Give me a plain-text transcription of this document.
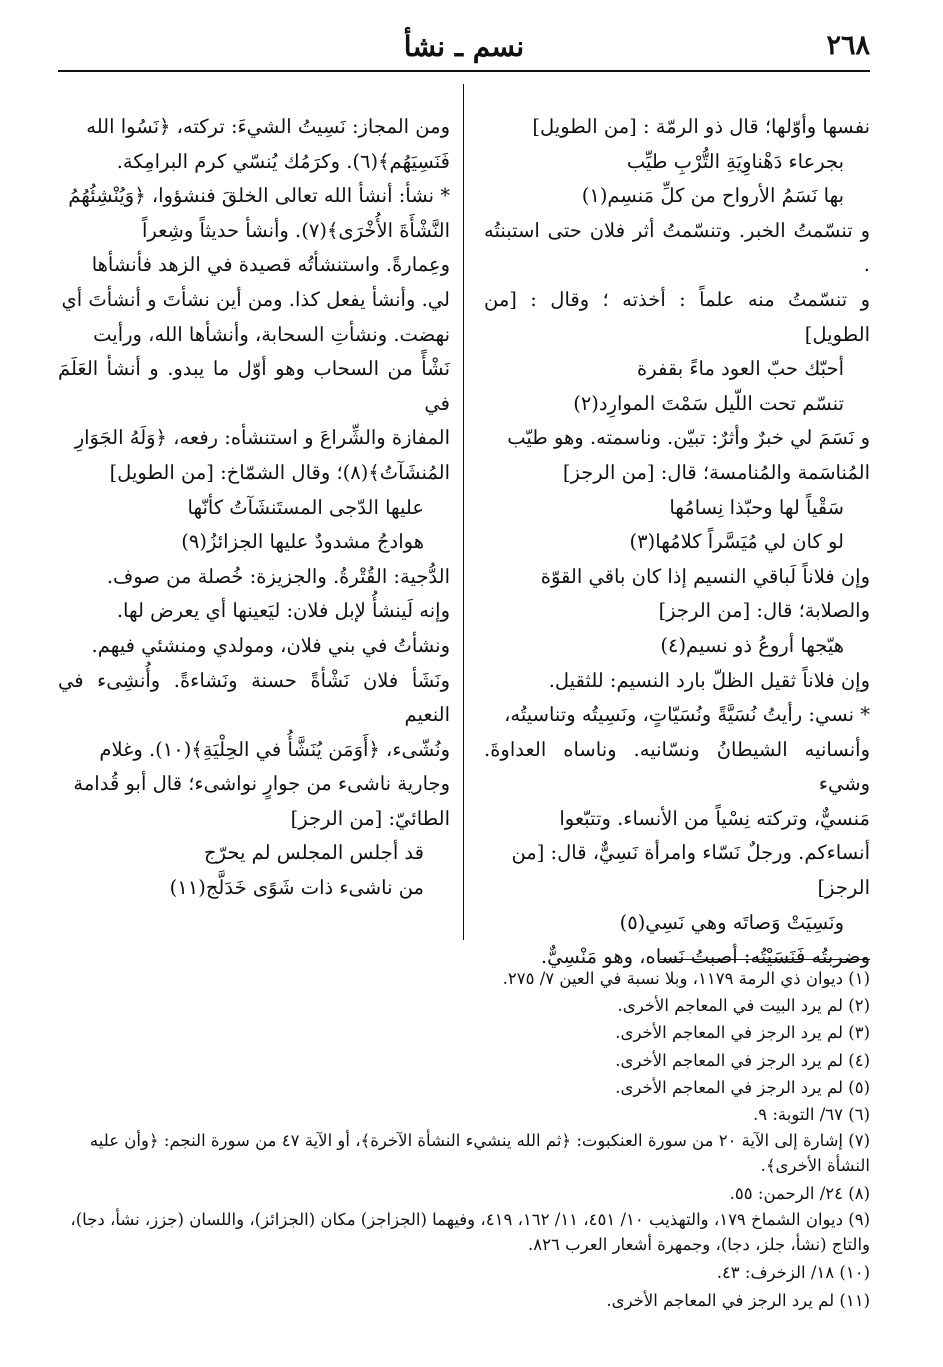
٢٦٨
نسم ـ نشأ

نفسها وأوّلها؛ قال ذو الرمّة : [من الطويل]

بجرعاء دَهْناوِيَةِ التُّرْبِ طيِّب

بها نَسَمُ الأرواح من كلِّ مَنسِم(١)

و تنسّمتُ الخبر. وتنسّمتُ أثر فلان حتى استبنتُه .

و تنسّمتُ منه علماً : أخذته ؛ وقال : [من الطويل]

أحبّك حبّ العود ماءً بقفرة

تنسّم تحت اللّيل سَمْتَ الموارِد(٢)

و نَسَمَ لي خبرٌ وأثرٌ: تبيّن. وناسمته. وهو طيّب

المُناسَمة والمُنامسة؛ قال: [من الرجز]

سَقْياً لها وحبّذا نِسامُها

لو كان لي مُيَسَّراً كلامُها(٣)

وإن فلاناً لَباقي النسيم إذا كان باقي القوّة

والصلابة؛ قال: [من الرجز]

هيّجها أروعُ ذو نسيم(٤)

وإن فلاناً ثقيل الظلّ بارد النسيم: للثقيل.

* نسي: رأيتُ نُسَيَّةً ونُسَيّاتٍ، ونَسِيتُه وتناسيتُه،

وأنسانيه الشيطانُ ونسّانيه. وناساه العداوةَ. وشيء

مَنسيٌّ، وتركته نِسْياً من الأنساء. وتتبّعوا

أنساءكم. ورجلٌ نَسّاء وامرأة نَسِيٌّ، قال: [من

الرجز]

ونَسِيَتْ وَصاتَه وهي نَسِي(٥)

وضربتُه فَنَسَيْتُه: أصبتُ نَساه، وهو مَنْسِيٌّ.

ومن المجاز: نَسِيتُ الشيءَ: تركته، ﴿نَسُوا الله

فَنَسِيَهُم﴾(٦). وكرَمُك يُنسّي كرم البرامِكة.

* نشأ: أنشأ الله تعالى الخلقَ فنشؤوا، ﴿وَيُنْشِئُهُمُ

النَّشْأَةَ الأُخْرَى﴾(٧). وأنشأ حديثاً وشِعراً

وعِمارةً. واستنشأتُه قصيدة في الزهد فأنشأها

لي. وأنشأ يفعل كذا. ومن أين نشأتَ و أنشأتَ أي

نهضت. ونشأتِ السحابة، وأنشأها الله، ورأيت

نَشْأً من السحاب وهو أوّل ما يبدو. و أنشأ العَلَمَ في

المفازة والشِّراعَ و استنشأه: رفعه، ﴿وَلَهُ الجَوَارِ

المُنشَآتُ﴾(٨)؛ وقال الشمّاخ: [من الطويل]

عليها الدّجى المستَنشَآتُ كأنّها

هوادجُ مشدودٌ عليها الجزائزُ(٩)

الدُّجية: القُتْرةُ. والجزيزة: خُصلة من صوف.

وإنه لَينشأُ لإبل فلان: ليَعينها أي يعرض لها.

ونشأتُ في بني فلان، ومولدي ومنشئي فيهم.

ونَشَأ فلان نَشْأةً حسنة ونَشاءةً. وأُنشِىء في النعيم

ونُشّىء، ﴿أَوَمَن يُنَشَّأُ في الحِلْيَةِ﴾(١٠). وغلام

وجارية ناشىء من جوارٍ نواشىء؛ قال أبو قُدامة

الطائيّ: [من الرجز]

قد أجلس المجلس لم يحرّج

من ناشىء ذات شَوًى خَدَلَّج(١١)

(١) ديوان ذي الرمة ١١٧٩، وبلا نسبة في العين ٧/ ٢٧٥.

(٢) لم يرد البيت في المعاجم الأخرى.

(٣) لم يرد الرجز في المعاجم الأخرى.

(٤) لم يرد الرجز في المعاجم الأخرى.

(٥) لم يرد الرجز في المعاجم الأخرى.

(٦) ٦٧/ التوبة: ٩.

(٧) إشارة إلى الآية ٢٠ من سورة العنكبوت: ﴿ثم الله ينشيء النشأة الآخرة﴾، أو الآية ٤٧ من سورة النجم: ﴿وأن عليه النشأة الأخرى﴾.

(٨) ٢٤/ الرحمن: ٥٥.

(٩) ديوان الشماخ ١٧٩، والتهذيب ١٠/ ٤٥١، ١١/ ١٦٢، ٤١٩، وفيهما (الجزاجز) مكان (الجزائز)، واللسان (جزز، نشأ، دجا)، والتاج (نشأ، جلز، دجا)، وجمهرة أشعار العرب ٨٢٦.

(١٠) ١٨/ الزخرف: ٤٣.

(١١) لم يرد الرجز في المعاجم الأخرى.
